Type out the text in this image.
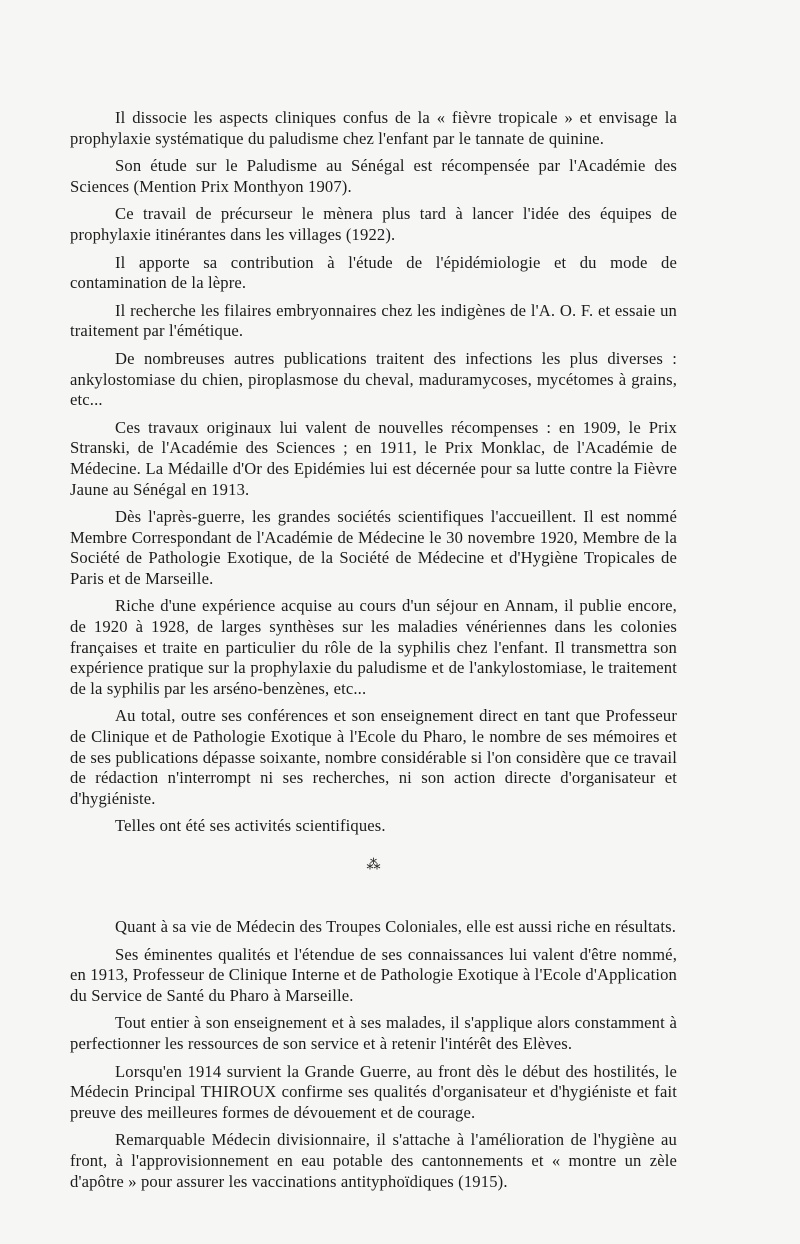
Il dissocie les aspects cliniques confus de la « fièvre tropicale » et envisage la prophylaxie systématique du paludisme chez l'enfant par le tannate de quinine.

Son étude sur le Paludisme au Sénégal est récompensée par l'Académie des Sciences (Mention Prix Monthyon 1907).

Ce travail de précurseur le mènera plus tard à lancer l'idée des équipes de prophylaxie itinérantes dans les villages (1922).

Il apporte sa contribution à l'étude de l'épidémiologie et du mode de contamination de la lèpre.

Il recherche les filaires embryonnaires chez les indigènes de l'A. O. F. et essaie un traitement par l'émétique.

De nombreuses autres publications traitent des infections les plus diverses : ankylostomiase du chien, piroplasmose du cheval, maduramycoses, mycétomes à grains, etc...

Ces travaux originaux lui valent de nouvelles récompenses : en 1909, le Prix Stranski, de l'Académie des Sciences ; en 1911, le Prix Monklac, de l'Académie de Médecine. La Médaille d'Or des Epidémies lui est décernée pour sa lutte contre la Fièvre Jaune au Sénégal en 1913.

Dès l'après-guerre, les grandes sociétés scientifiques l'accueillent. Il est nommé Membre Correspondant de l'Académie de Médecine le 30 novembre 1920, Membre de la Société de Pathologie Exotique, de la Société de Médecine et d'Hygiène Tropicales de Paris et de Marseille.

Riche d'une expérience acquise au cours d'un séjour en Annam, il publie encore, de 1920 à 1928, de larges synthèses sur les maladies vénériennes dans les colonies françaises et traite en particulier du rôle de la syphilis chez l'enfant. Il transmettra son expérience pratique sur la prophylaxie du paludisme et de l'ankylostomiase, le traitement de la syphilis par les arséno-benzènes, etc...

Au total, outre ses conférences et son enseignement direct en tant que Professeur de Clinique et de Pathologie Exotique à l'Ecole du Pharo, le nombre de ses mémoires et de ses publications dépasse soixante, nombre considérable si l'on considère que ce travail de rédaction n'interrompt ni ses recherches, ni son action directe d'organisateur et d'hygiéniste.

Telles ont été ses activités scientifiques.

⁂

Quant à sa vie de Médecin des Troupes Coloniales, elle est aussi riche en résultats.

Ses éminentes qualités et l'étendue de ses connaissances lui valent d'être nommé, en 1913, Professeur de Clinique Interne et de Pathologie Exotique à l'Ecole d'Application du Service de Santé du Pharo à Marseille.

Tout entier à son enseignement et à ses malades, il s'applique alors constamment à perfectionner les ressources de son service et à retenir l'intérêt des Elèves.

Lorsqu'en 1914 survient la Grande Guerre, au front dès le début des hostilités, le Médecin Principal THIROUX confirme ses qualités d'organisateur et d'hygiéniste et fait preuve des meilleures formes de dévouement et de courage.

Remarquable Médecin divisionnaire, il s'attache à l'amélioration de l'hygiène au front, à l'approvisionnement en eau potable des cantonnements et « montre un zèle d'apôtre » pour assurer les vaccinations antityphoïdiques (1915).
